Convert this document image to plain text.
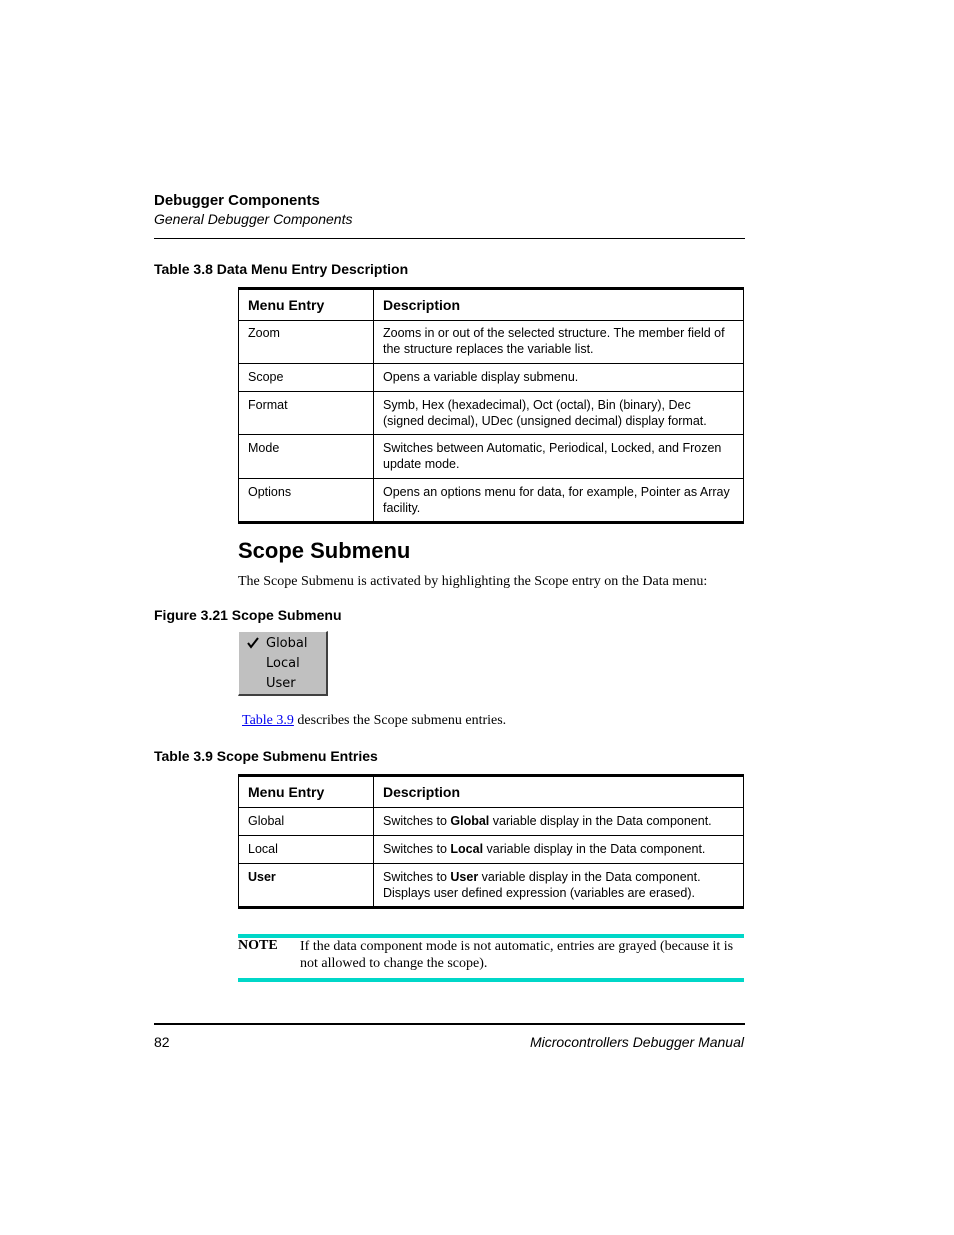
Debugger Components
General Debugger Components
Table 3.8 Data Menu Entry Description
Menu Entry	Description
Zoom	Zooms in or out of the selected structure. The member field of the structure replaces the variable list.
Scope	Opens a variable display submenu.
Format	Symb, Hex (hexadecimal), Oct (octal), Bin (binary), Dec (signed decimal), UDec (unsigned decimal) display format.
Mode	Switches between Automatic, Periodical, Locked, and Frozen update mode.
Options	Opens an options menu for data, for example, Pointer as Array facility.
Scope Submenu
The Scope Submenu is activated by highlighting the Scope entry on the Data menu:
Figure 3.21 Scope Submenu
Global
Local
User
Table 3.9 describes the Scope submenu entries.
Table 3.9 Scope Submenu Entries
Menu Entry	Description
Global	Switches to Global variable display in the Data component.
Local	Switches to Local variable display in the Data component.
User	Switches to User variable display in the Data component. Displays user defined expression (variables are erased).
NOTE If the data component mode is not automatic, entries are grayed (because it is not allowed to change the scope).
82	Microcontrollers Debugger Manual
